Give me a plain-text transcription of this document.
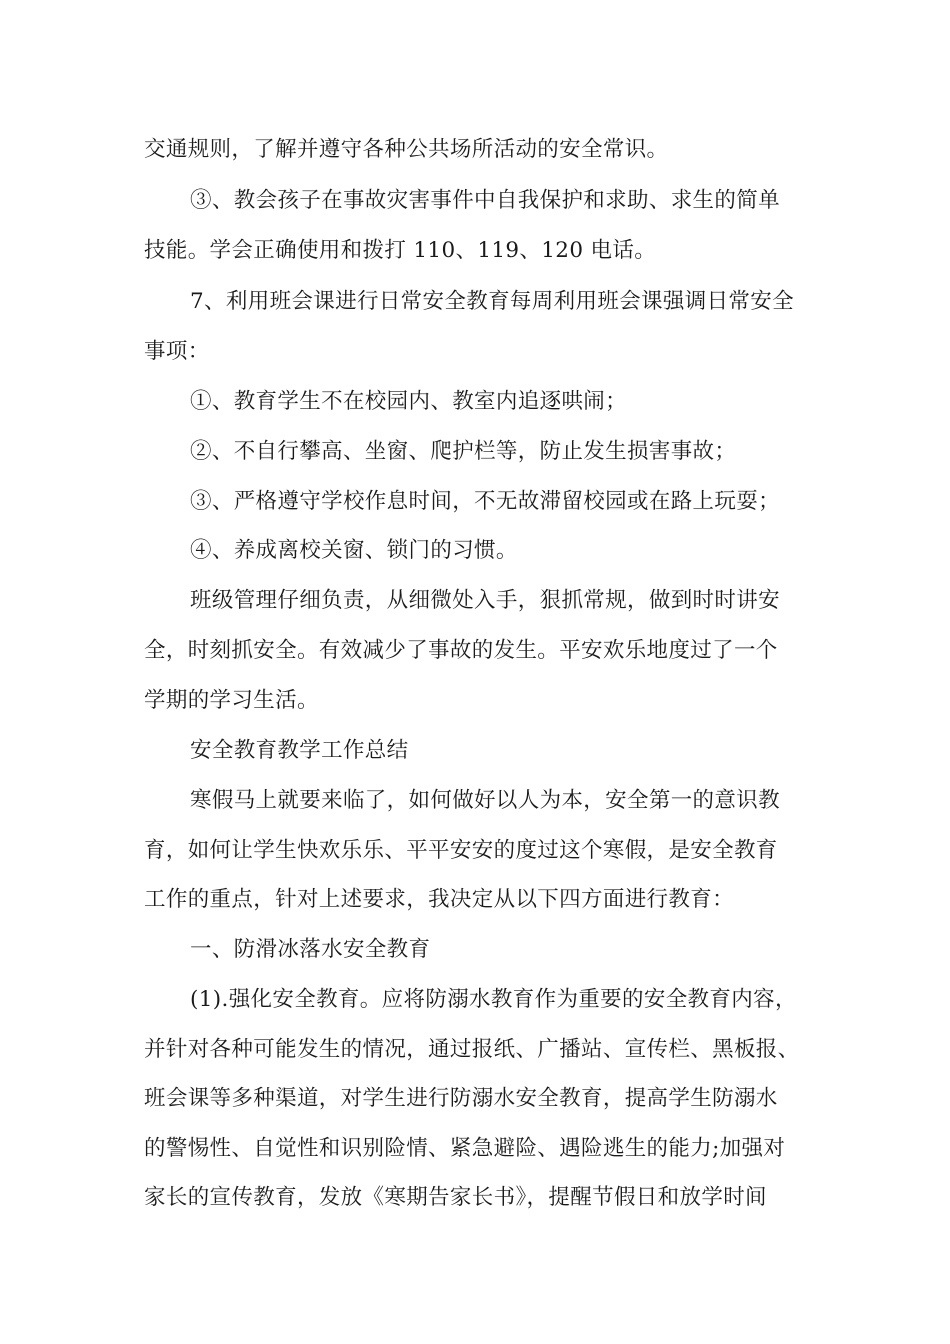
交通规则，了解并遵守各种公共场所活动的安全常识。
③、教会孩子在事故灾害事件中自我保护和求助、求生的简单
技能。学会正确使用和拨打 110、119、120 电话。
7、利用班会课进行日常安全教育每周利用班会课强调日常安全
事项：
①、教育学生不在校园内、教室内追逐哄闹；
②、不自行攀高、坐窗、爬护栏等，防止发生损害事故；
③、严格遵守学校作息时间，不无故滞留校园或在路上玩耍；
④、养成离校关窗、锁门的习惯。
班级管理仔细负责，从细微处入手，狠抓常规，做到时时讲安
全，时刻抓安全。有效减少了事故的发生。平安欢乐地度过了一个
学期的学习生活。
安全教育教学工作总结
寒假马上就要来临了，如何做好以人为本，安全第一的意识教
育，如何让学生快欢乐乐、平平安安的度过这个寒假，是安全教育
工作的重点，针对上述要求，我决定从以下四方面进行教育：
一、防滑冰落水安全教育
(1).强化安全教育。应将防溺水教育作为重要的安全教育内容，
并针对各种可能发生的情况，通过报纸、广播站、宣传栏、黑板报、
班会课等多种渠道，对学生进行防溺水安全教育，提高学生防溺水
的警惕性、自觉性和识别险情、紧急避险、遇险逃生的能力;加强对
家长的宣传教育，发放《寒期告家长书》，提醒节假日和放学时间
